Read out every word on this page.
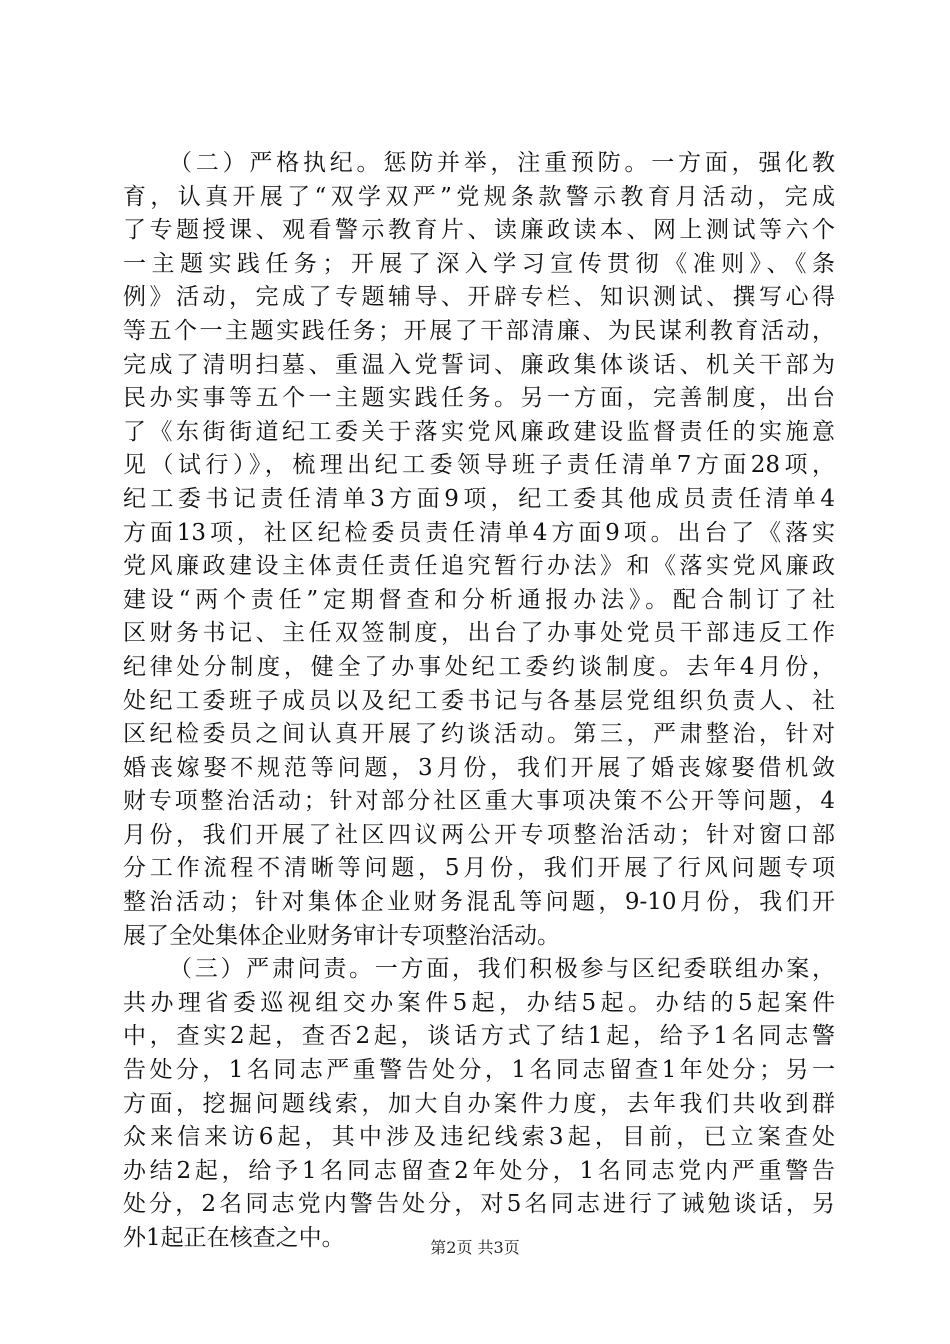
（二）严格执纪。惩防并举，注重预防。一方面，强化教
育，认真开展了“双学双严”党规条款警示教育月活动，完成
了专题授课、观看警示教育片、读廉政读本、网上测试等六个
一主题实践任务；开展了深入学习宣传贯彻《准则》、《条
例》活动，完成了专题辅导、开辟专栏、知识测试、撰写心得
等五个一主题实践任务；开展了干部清廉、为民谋利教育活动，
完成了清明扫墓、重温入党誓词、廉政集体谈话、机关干部为
民办实事等五个一主题实践任务。另一方面，完善制度，出台
了《东街街道纪工委关于落实党风廉政建设监督责任的实施意
见（试行）》，梳理出纪工委领导班子责任清单7方面28项，
纪工委书记责任清单3方面9项，纪工委其他成员责任清单4
方面13项，社区纪检委员责任清单4方面9项。出台了《落实
党风廉政建设主体责任责任追究暂行办法》和《落实党风廉政
建设“两个责任”定期督查和分析通报办法》。配合制订了社
区财务书记、主任双签制度，出台了办事处党员干部违反工作
纪律处分制度，健全了办事处纪工委约谈制度。去年4月份，
处纪工委班子成员以及纪工委书记与各基层党组织负责人、社
区纪检委员之间认真开展了约谈活动。第三，严肃整治，针对
婚丧嫁娶不规范等问题，3月份，我们开展了婚丧嫁娶借机敛
财专项整治活动；针对部分社区重大事项决策不公开等问题，4
月份，我们开展了社区四议两公开专项整治活动；针对窗口部
分工作流程不清晰等问题，5月份，我们开展了行风问题专项
整治活动；针对集体企业财务混乱等问题，9-10月份，我们开
展了全处集体企业财务审计专项整治活动。
（三）严肃问责。一方面，我们积极参与区纪委联组办案，
共办理省委巡视组交办案件5起，办结5起。办结的5起案件
中，查实2起，查否2起，谈话方式了结1起，给予1名同志警
告处分，1名同志严重警告处分，1名同志留查1年处分；另一
方面，挖掘问题线索，加大自办案件力度，去年我们共收到群
众来信来访6起，其中涉及违纪线索3起，目前，已立案查处
办结2起，给予1名同志留查2年处分，1名同志党内严重警告
处分，2名同志党内警告处分，对5名同志进行了诫勉谈话，另
外1起正在核查之中。	第2页 共3页
